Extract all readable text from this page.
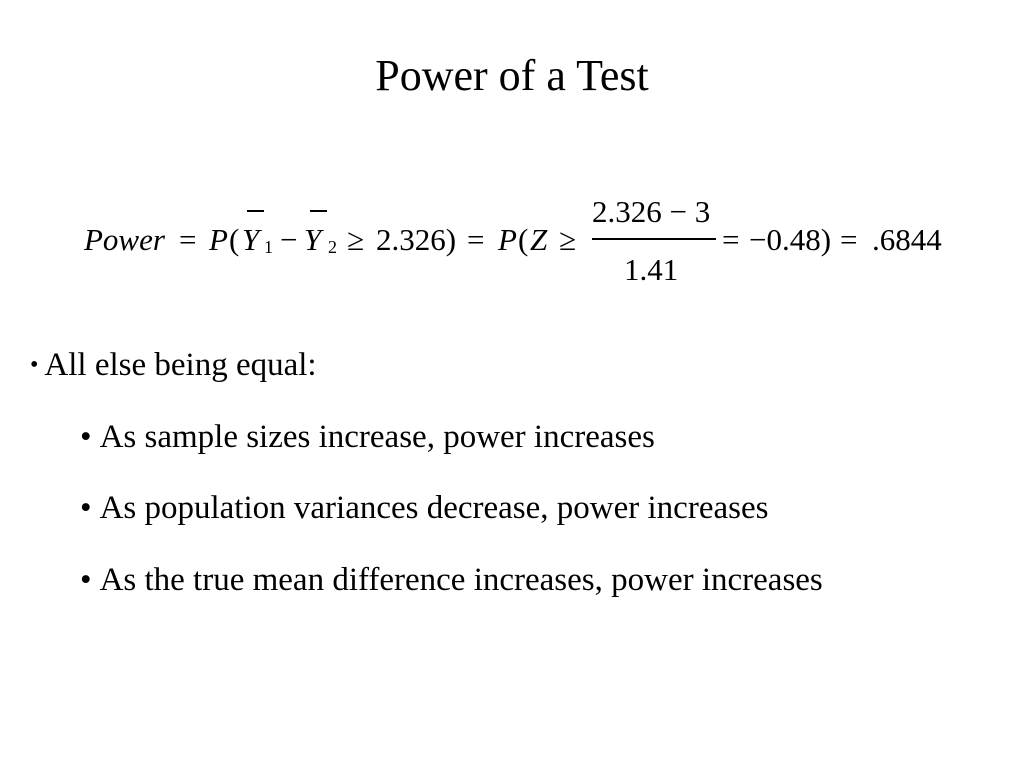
Power of a Test
Power = P ( Y 1 − Y 2 ≥ 2.326) = P ( Z ≥
2.326 − 3
1.41
= −0.48) = .6844
• All else being equal:
• As sample sizes increase, power increases
• As population variances decrease, power increases
• As the true mean difference increases, power increases
